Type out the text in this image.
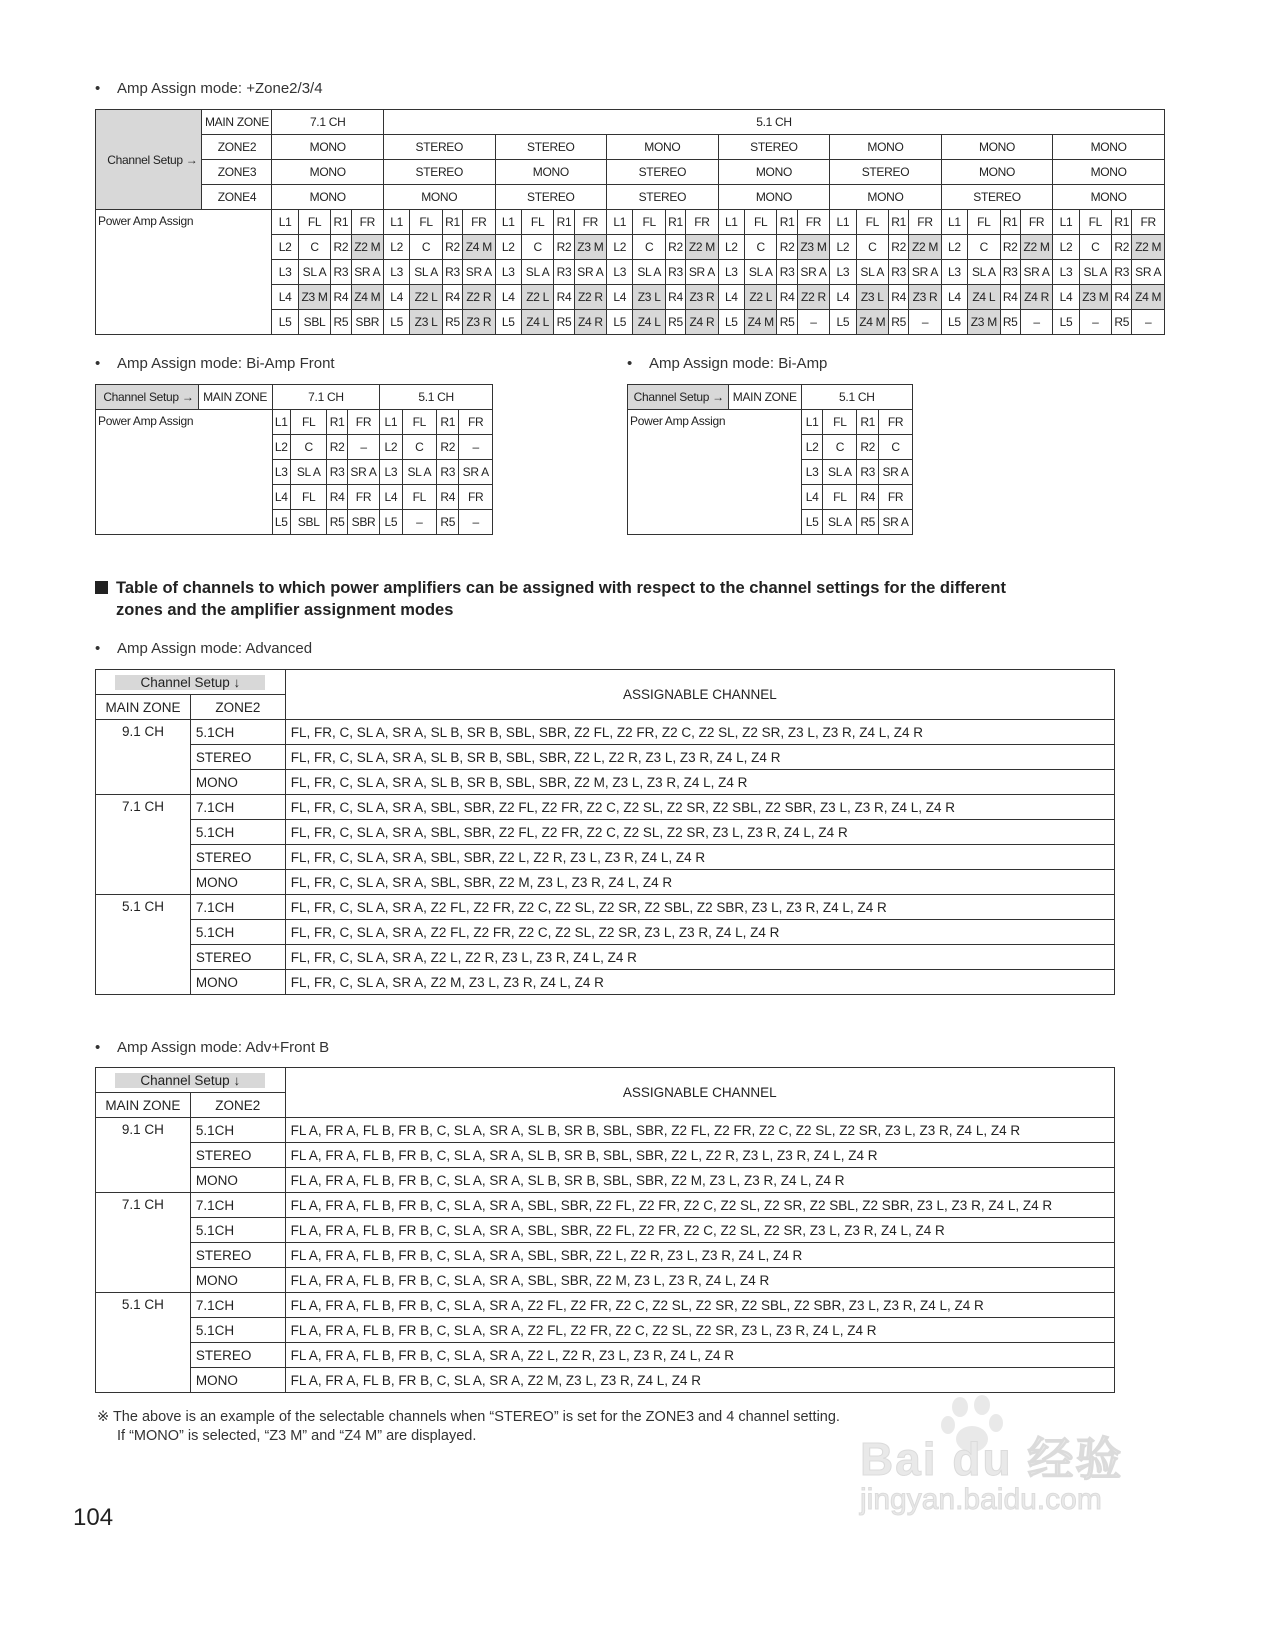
• Amp Assign mode: +Zone2/3/4
Channel Setup →	MAIN ZONE	7.1 CH				5.1 CH																											
	ZONE2	MONO				STEREO				STEREO				MONO				STEREO				MONO				MONO				MONO			
	ZONE3	MONO				STEREO				MONO				STEREO				MONO				STEREO				MONO				MONO			
	ZONE4	MONO				MONO				STEREO				STEREO				MONO				MONO				STEREO				MONO			
Power Amp Assign		L1	FL	R1	FR	L1	FL	R1	FR	L1	FL	R1	FR	L1	FL	R1	FR	L1	FL	R1	FR	L1	FL	R1	FR	L1	FL	R1	FR	L1	FL	R1	FR
		L2	C	R2	Z2 M	L2	C	R2	Z4 M	L2	C	R2	Z3 M	L2	C	R2	Z2 M	L2	C	R2	Z3 M	L2	C	R2	Z2 M	L2	C	R2	Z2 M	L2	C	R2	Z2 M
		L3	SL A	R3	SR A	L3	SL A	R3	SR A	L3	SL A	R3	SR A	L3	SL A	R3	SR A	L3	SL A	R3	SR A	L3	SL A	R3	SR A	L3	SL A	R3	SR A	L3	SL A	R3	SR A
		L4	Z3 M	R4	Z4 M	L4	Z2 L	R4	Z2 R	L4	Z2 L	R4	Z2 R	L4	Z3 L	R4	Z3 R	L4	Z2 L	R4	Z2 R	L4	Z3 L	R4	Z3 R	L4	Z4 L	R4	Z4 R	L4	Z3 M	R4	Z4 M
		L5	SBL	R5	SBR	L5	Z3 L	R5	Z3 R	L5	Z4 L	R5	Z4 R	L5	Z4 L	R5	Z4 R	L5	Z4 M	R5	–	L5	Z4 M	R5	–	L5	Z3 M	R5	–	L5	–	R5	–
• Amp Assign mode: Bi-Amp Front
Channel Setup →	MAIN ZONE	7.1 CH				5.1 CH			
Power Amp Assign		L1	FL	R1	FR	L1	FL	R1	FR
		L2	C	R2	–	L2	C	R2	–
		L3	SL A	R3	SR A	L3	SL A	R3	SR A
		L4	FL	R4	FR	L4	FL	R4	FR
		L5	SBL	R5	SBR	L5	–	R5	–
• Amp Assign mode: Bi-Amp
Channel Setup →	MAIN ZONE	5.1 CH			
Power Amp Assign		L1	FL	R1	FR
		L2	C	R2	C
		L3	SL A	R3	SR A
		L4	FL	R4	FR
		L5	SL A	R5	SR A
Table of channels to which power amplifiers can be assigned with respect to the channel settings for the different
zones and the amplifier assignment modes
• Amp Assign mode: Advanced
Channel Setup ↓		ASSIGNABLE CHANNEL
MAIN ZONE	ZONE2	
9.1 CH	5.1CH	FL, FR, C, SL A, SR A, SL B, SR B, SBL, SBR, Z2 FL, Z2 FR, Z2 C, Z2 SL, Z2 SR, Z3 L, Z3 R, Z4 L, Z4 R
	STEREO	FL, FR, C, SL A, SR A, SL B, SR B, SBL, SBR, Z2 L, Z2 R, Z3 L, Z3 R, Z4 L, Z4 R
	MONO	FL, FR, C, SL A, SR A, SL B, SR B, SBL, SBR, Z2 M, Z3 L, Z3 R, Z4 L, Z4 R
7.1 CH	7.1CH	FL, FR, C, SL A, SR A, SBL, SBR, Z2 FL, Z2 FR, Z2 C, Z2 SL, Z2 SR, Z2 SBL, Z2 SBR, Z3 L, Z3 R, Z4 L, Z4 R
	5.1CH	FL, FR, C, SL A, SR A, SBL, SBR, Z2 FL, Z2 FR, Z2 C, Z2 SL, Z2 SR, Z3 L, Z3 R, Z4 L, Z4 R
	STEREO	FL, FR, C, SL A, SR A, SBL, SBR, Z2 L, Z2 R, Z3 L, Z3 R, Z4 L, Z4 R
	MONO	FL, FR, C, SL A, SR A, SBL, SBR, Z2 M, Z3 L, Z3 R, Z4 L, Z4 R
5.1 CH	7.1CH	FL, FR, C, SL A, SR A, Z2 FL, Z2 FR, Z2 C, Z2 SL, Z2 SR, Z2 SBL, Z2 SBR, Z3 L, Z3 R, Z4 L, Z4 R
	5.1CH	FL, FR, C, SL A, SR A, Z2 FL, Z2 FR, Z2 C, Z2 SL, Z2 SR, Z3 L, Z3 R, Z4 L, Z4 R
	STEREO	FL, FR, C, SL A, SR A, Z2 L, Z2 R, Z3 L, Z3 R, Z4 L, Z4 R
	MONO	FL, FR, C, SL A, SR A, Z2 M, Z3 L, Z3 R, Z4 L, Z4 R
• Amp Assign mode: Adv+Front B
Channel Setup ↓		ASSIGNABLE CHANNEL
MAIN ZONE	ZONE2	
9.1 CH	5.1CH	FL A, FR A, FL B, FR B, C, SL A, SR A, SL B, SR B, SBL, SBR, Z2 FL, Z2 FR, Z2 C, Z2 SL, Z2 SR, Z3 L, Z3 R, Z4 L, Z4 R
	STEREO	FL A, FR A, FL B, FR B, C, SL A, SR A, SL B, SR B, SBL, SBR, Z2 L, Z2 R, Z3 L, Z3 R, Z4 L, Z4 R
	MONO	FL A, FR A, FL B, FR B, C, SL A, SR A, SL B, SR B, SBL, SBR, Z2 M, Z3 L, Z3 R, Z4 L, Z4 R
7.1 CH	7.1CH	FL A, FR A, FL B, FR B, C, SL A, SR A, SBL, SBR, Z2 FL, Z2 FR, Z2 C, Z2 SL, Z2 SR, Z2 SBL, Z2 SBR, Z3 L, Z3 R, Z4 L, Z4 R
	5.1CH	FL A, FR A, FL B, FR B, C, SL A, SR A, SBL, SBR, Z2 FL, Z2 FR, Z2 C, Z2 SL, Z2 SR, Z3 L, Z3 R, Z4 L, Z4 R
	STEREO	FL A, FR A, FL B, FR B, C, SL A, SR A, SBL, SBR, Z2 L, Z2 R, Z3 L, Z3 R, Z4 L, Z4 R
	MONO	FL A, FR A, FL B, FR B, C, SL A, SR A, SBL, SBR, Z2 M, Z3 L, Z3 R, Z4 L, Z4 R
5.1 CH	7.1CH	FL A, FR A, FL B, FR B, C, SL A, SR A, Z2 FL, Z2 FR, Z2 C, Z2 SL, Z2 SR, Z2 SBL, Z2 SBR, Z3 L, Z3 R, Z4 L, Z4 R
	5.1CH	FL A, FR A, FL B, FR B, C, SL A, SR A, Z2 FL, Z2 FR, Z2 C, Z2 SL, Z2 SR, Z3 L, Z3 R, Z4 L, Z4 R
	STEREO	FL A, FR A, FL B, FR B, C, SL A, SR A, Z2 L, Z2 R, Z3 L, Z3 R, Z4 L, Z4 R
	MONO	FL A, FR A, FL B, FR B, C, SL A, SR A, Z2 M, Z3 L, Z3 R, Z4 L, Z4 R
※ The above is an example of the selectable channels when “STEREO” is set for the ZONE3 and 4 channel setting.
If “MONO” is selected, “Z3 M” and “Z4 M” are displayed.	Bai du 经验
jingyan.baidu.com
104
